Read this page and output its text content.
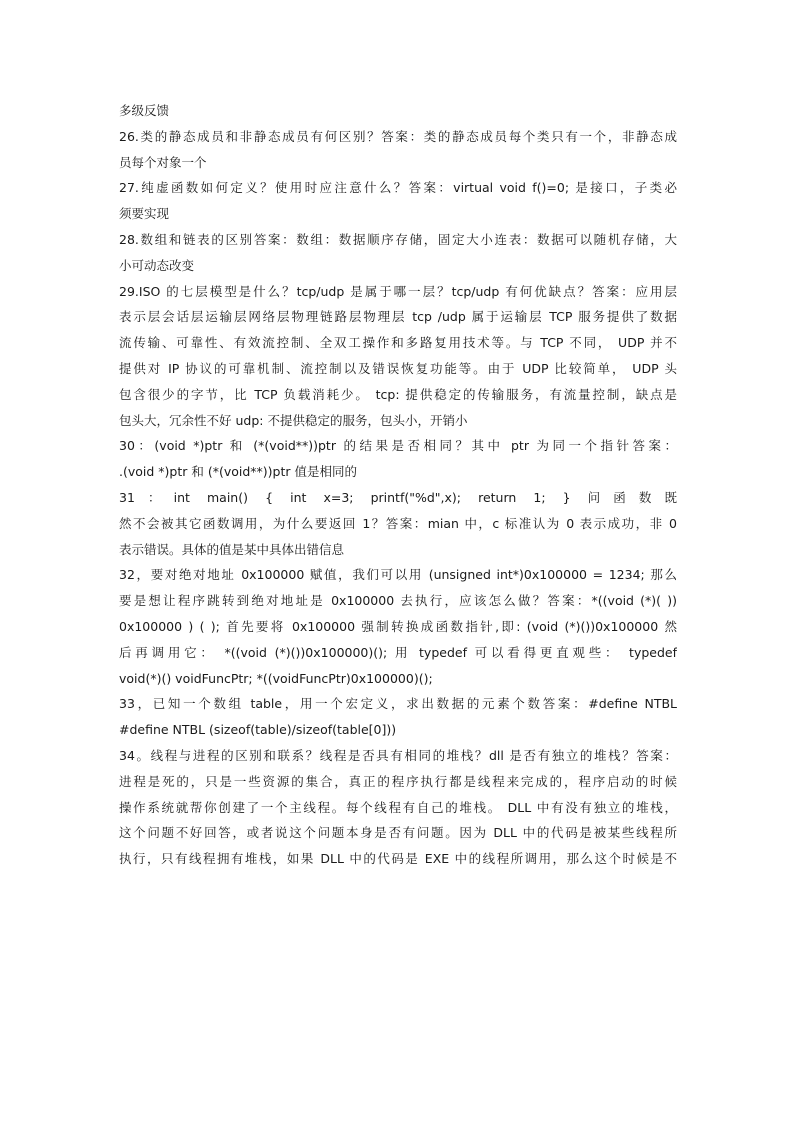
多级反馈
26.类的静态成员和非静态成员有何区别？答案：类的静态成员每个类只有一个，非静态成
员每个对象一个
27.纯虚函数如何定义？使用时应注意什么？答案：virtual void f()=0; 是接口，子类必
须要实现
28.数组和链表的区别答案：数组：数据顺序存储，固定大小连表：数据可以随机存储，大
小可动态改变
29.ISO 的七层模型是什么？tcp/udp 是属于哪一层？tcp/udp 有何优缺点？答案：应用层
表示层会话层运输层网络层物理链路层物理层 tcp /udp 属于运输层 TCP 服务提供了数据
流传输、可靠性、有效流控制、全双工操作和多路复用技术等。与 TCP 不同， UDP 并不
提供对 IP 协议的可靠机制、流控制以及错误恢复功能等。由于 UDP 比较简单， UDP 头
包含很少的字节，比 TCP 负载消耗少。 tcp: 提供稳定的传输服务，有流量控制，缺点是
包头大，冗余性不好 udp: 不提供稳定的服务，包头小，开销小
30：(void *)ptr 和 (*(void**))ptr 的结果是否相同？其中 ptr 为同一个指针答案：
.(void *)ptr 和 (*(void**))ptr 值是相同的
31：int main() { int x=3; printf("%d",x); return 1; } 问函数既
然不会被其它函数调用，为什么要返回 1？答案：mian 中，c 标准认为 0 表示成功，非 0
表示错误。具体的值是某中具体出错信息
32，要对绝对地址 0x100000 赋值，我们可以用 (unsigned int*)0x100000 = 1234; 那么
要是想让程序跳转到绝对地址是 0x100000 去执行，应该怎么做？答案：*((void (*)( ))
0x100000 ) ( ); 首先要将 0x100000 强制转换成函数指针,即: (void (*)())0x100000 然
后再调用它： *((void (*)())0x100000)(); 用 typedef 可以看得更直观些： typedef
void(*)() voidFuncPtr; *((voidFuncPtr)0x100000)();
33，已知一个数组 table，用一个宏定义，求出数据的元素个数答案：#define NTBL
#define NTBL (sizeof(table)/sizeof(table[0]))
34。线程与进程的区别和联系？线程是否具有相同的堆栈？dll 是否有独立的堆栈？答案：
进程是死的，只是一些资源的集合，真正的程序执行都是线程来完成的，程序启动的时候
操作系统就帮你创建了一个主线程。每个线程有自己的堆栈。 DLL 中有没有独立的堆栈，
这个问题不好回答，或者说这个问题本身是否有问题。因为 DLL 中的代码是被某些线程所
执行，只有线程拥有堆栈，如果 DLL 中的代码是 EXE 中的线程所调用，那么这个时候是不
